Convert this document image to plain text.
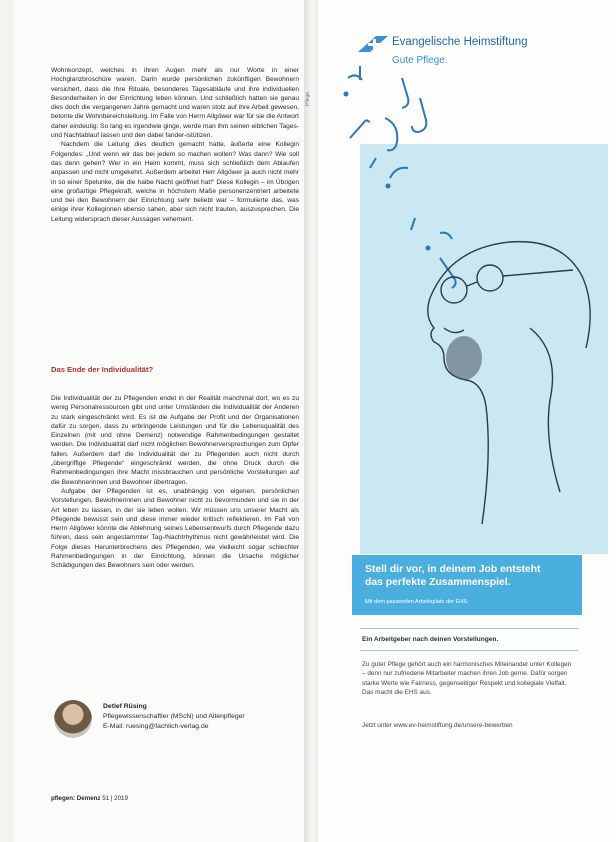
Pflege

Wohnkonzept, welches in ihren Augen mehr als nur Worte in einer Hochglanzbroschüre waren. Darin wurde persönlichen zukünftigen Bewohnern versichert, dass die Ihre Rituale, besonderes Tagesabläufe und ihre individuellen Besonderheiten in der Einrichtung leben können. Und schließlich hatten sie genau dies doch die vergangenen Jahre gemacht und waren stolz auf ihre Arbeit gewesen, betonte die Wohnbereichsleitung. Im Falle von Herrn Allgöwer war für sie die Antwort daher eindeutig: So lang es irgendwie ginge, werde man ihm seinen eiblichen Tages- und Nachtablauf lassen und den dabei fander-istütizen.

Nachdem die Leitung dies deutlich gemacht hatte, äußerte eine Kollegin Folgendes: „Und wenn wir das bei jedem so machen wollen? Was dann? Wie soll das denn gehen? Wer in ein Heim kommt, muss sich schließlich dem Ablaufen anpassen und nicht umgekehrt. Außerdem arbeitet Herr Allgöwer ja auch nicht mehr in so einer Spelunke, die die halbe Nacht geöffnet hat!“ Diese Kollegin – im Übrigen eine großartige Pflegekraft, welche in höchstem Maße personenzentriert arbeitete und bei den Bewohnern der Einrichtung sehr beliebt war – formulierte das, was einige ihrer Kolleginnen ebenso sahen, aber sich nicht trauten, auszusprechen. Die Leitung widersprach dieser Aussagen vehement.

Das Ende der Individualität?

Die Individualität der zu Pflegenden endet in der Realität manchmal dort, wo es zu wenig Personalressourcen gibt und unter Umständen die Individualität der Anderen zu stark eingeschränkt wird. Es ist die Aufgabe der Profit und der Organisationen dafür zu sorgen, dass zu erbringende Leistungen und für die Lebensqualität des Einzelnen (mit und ohne Demenz) notwendige Rahmenbedingungen gestaltet werden. Die Individualität darf nicht möglichen Bewohnerversprechungen zum Opfer fallen. Außerdem darf die Individualität der zu Pflegenden auch nicht durch „übergriffige Pflegende“ eingeschränkt werden, die ohne Druck durch die Rahmenbedingungen ihre Macht missbrauchen und persönliche Vorstellungen auf die Bewohnerinnen und Bewohner übertragen.

Aufgabe der Pflegenden ist es, unabhängig von eigenen, persönlichen Vorstellungen, Bewohnerinnen und Bewohner nicht zu bevormunden und sie in der Art leben zu lassen, in der sie leben wollen. Wir müssen uns unserer Macht als Pflegende bewusst sein und diese immer wieder kritisch reflektieren. Im Fall von Herrn Allgöwer könnte die Ablehnung seines Lebensentwurfs durch Pflegende dazu führen, dass sein angestammter Tag-/Nachtrhythmus nicht gewährleistet wird. Die Folge dieses Herunterbrechens des Pflegenden, wie vielleicht sogar schlechter Rahmenbedingungen in der Einrichtung, können die Ursache möglicher Schädigungen des Bewohners sein oder werden.

Detlef Rüsing
Pflegewissenschaftler (MScN) und Altenpfleger
E-Mail: ruesing@fachlich-verlag.de
pflegen: Demenz 51 | 2019
Evangelische Heimstiftung
Gute Pflege.
Stell dir vor, in deinem Job entsteht
das perfekte Zusammenspiel.
Mit dem passenden Arbeitsplatz der EHS.
Ein Arbeitgeber nach deinen Vorstellungen.
Zu guter Pflege gehört auch ein harmonisches Miteinander unter Kollegen – denn nur zufriedene Mitarbeiter machen ihren Job gerne. Dafür sorgen starke Werte wie Fairness, gegenseitiger Respekt und kollegiale Vielfalt. Das macht die EHS aus.
Jetzt unter www.ev-heimstiftung.de/unsere-bewerben
